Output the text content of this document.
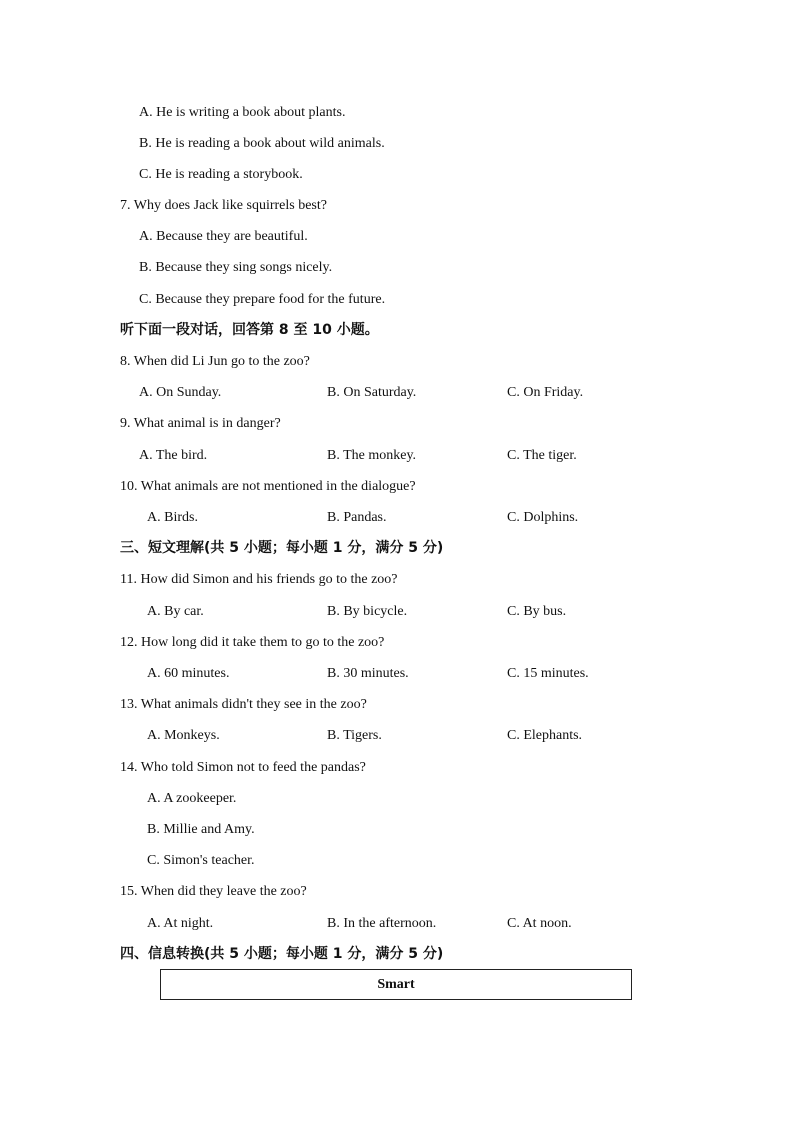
A. He is writing a book about plants.
B. He is reading a book about wild animals.
C. He is reading a storybook.
7. Why does Jack like squirrels best?
A. Because they are beautiful.
B. Because they sing songs nicely.
C. Because they prepare food for the future.
听下面一段对话，回答第 8 至 10 小题。
8. When did Li Jun go to the zoo?
A. On Sunday.	B. On Saturday.	C. On Friday.
9. What animal is in danger?
A. The bird.	B. The monkey.	C. The tiger.
10. What animals are not mentioned in the dialogue?
A. Birds.	B. Pandas.	C. Dolphins.
三、短文理解(共 5 小题；每小题 1 分，满分 5 分)
11. How did Simon and his friends go to the zoo?
A. By car.	B. By bicycle.	C. By bus.
12. How long did it take them to go to the zoo?
A. 60 minutes.	B. 30 minutes.	C. 15 minutes.
13. What animals didn't they see in the zoo?
A. Monkeys.	B. Tigers.	C. Elephants.
14. Who told Simon not to feed the pandas?
A. A zookeeper.
B. Millie and Amy.
C. Simon's teacher.
15. When did they leave the zoo?
A. At night.	B. In the afternoon.	C. At noon.
四、信息转换(共 5 小题；每小题 1 分，满分 5 分)
Smart
